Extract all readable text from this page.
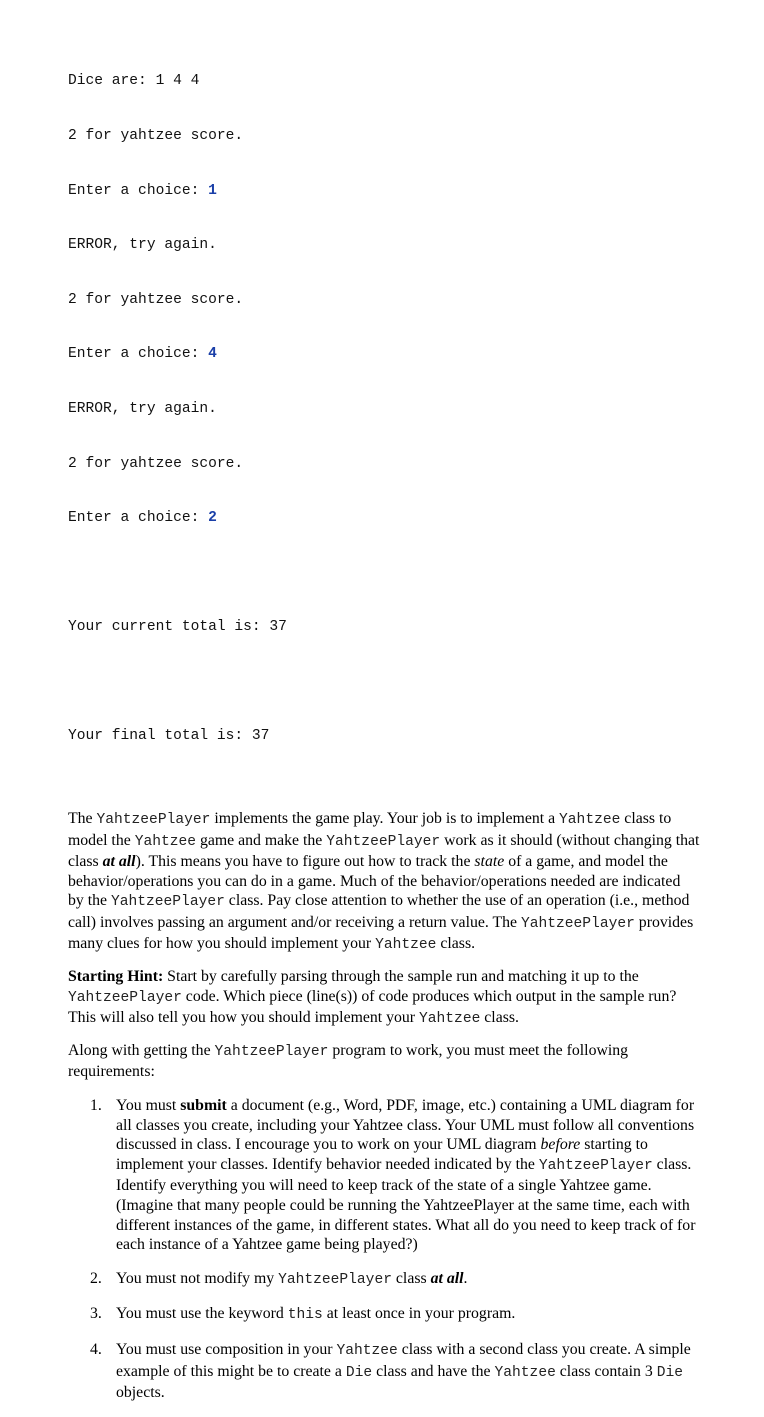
Dice are: 1 4 4

2 for yahtzee score.

Enter a choice: 1

ERROR, try again.

2 for yahtzee score.

Enter a choice: 4

ERROR, try again.

2 for yahtzee score.

Enter a choice: 2

Your current total is: 37

Your final total is: 37

The YahtzeePlayer implements the game play. Your job is to implement a Yahtzee class to model the Yahtzee game and make the YahtzeePlayer work as it should (without changing that class at all). This means you have to figure out how to track the state of a game, and model the behavior/operations you can do in a game. Much of the behavior/operations needed are indicated by the YahtzeePlayer class. Pay close attention to whether the use of an operation (i.e., method call) involves passing an argument and/or receiving a return value. The YahtzeePlayer provides many clues for how you should implement your Yahtzee class.

Starting Hint: Start by carefully parsing through the sample run and matching it up to the YahtzeePlayer code. Which piece (line(s)) of code produces which output in the sample run? This will also tell you how you should implement your Yahtzee class.

Along with getting the YahtzeePlayer program to work, you must meet the following requirements:

1. You must submit a document (e.g., Word, PDF, image, etc.) containing a UML diagram for all classes you create, including your Yahtzee class. Your UML must follow all conventions discussed in class. I encourage you to work on your UML diagram before starting to implement your classes. Identify behavior needed indicated by the YahtzeePlayer class. Identify everything you will need to keep track of the state of a single Yahtzee game. (Imagine that many people could be running the YahtzeePlayer at the same time, each with different instances of the game, in different states. What all do you need to keep track of for each instance of a Yahtzee game being played?)
2. You must not modify my YahtzeePlayer class at all.
3. You must use the keyword this at least once in your program.
4. You must use composition in your Yahtzee class with a second class you create. A simple example of this might be to create a Die class and have the Yahtzee class contain 3 Die objects.
